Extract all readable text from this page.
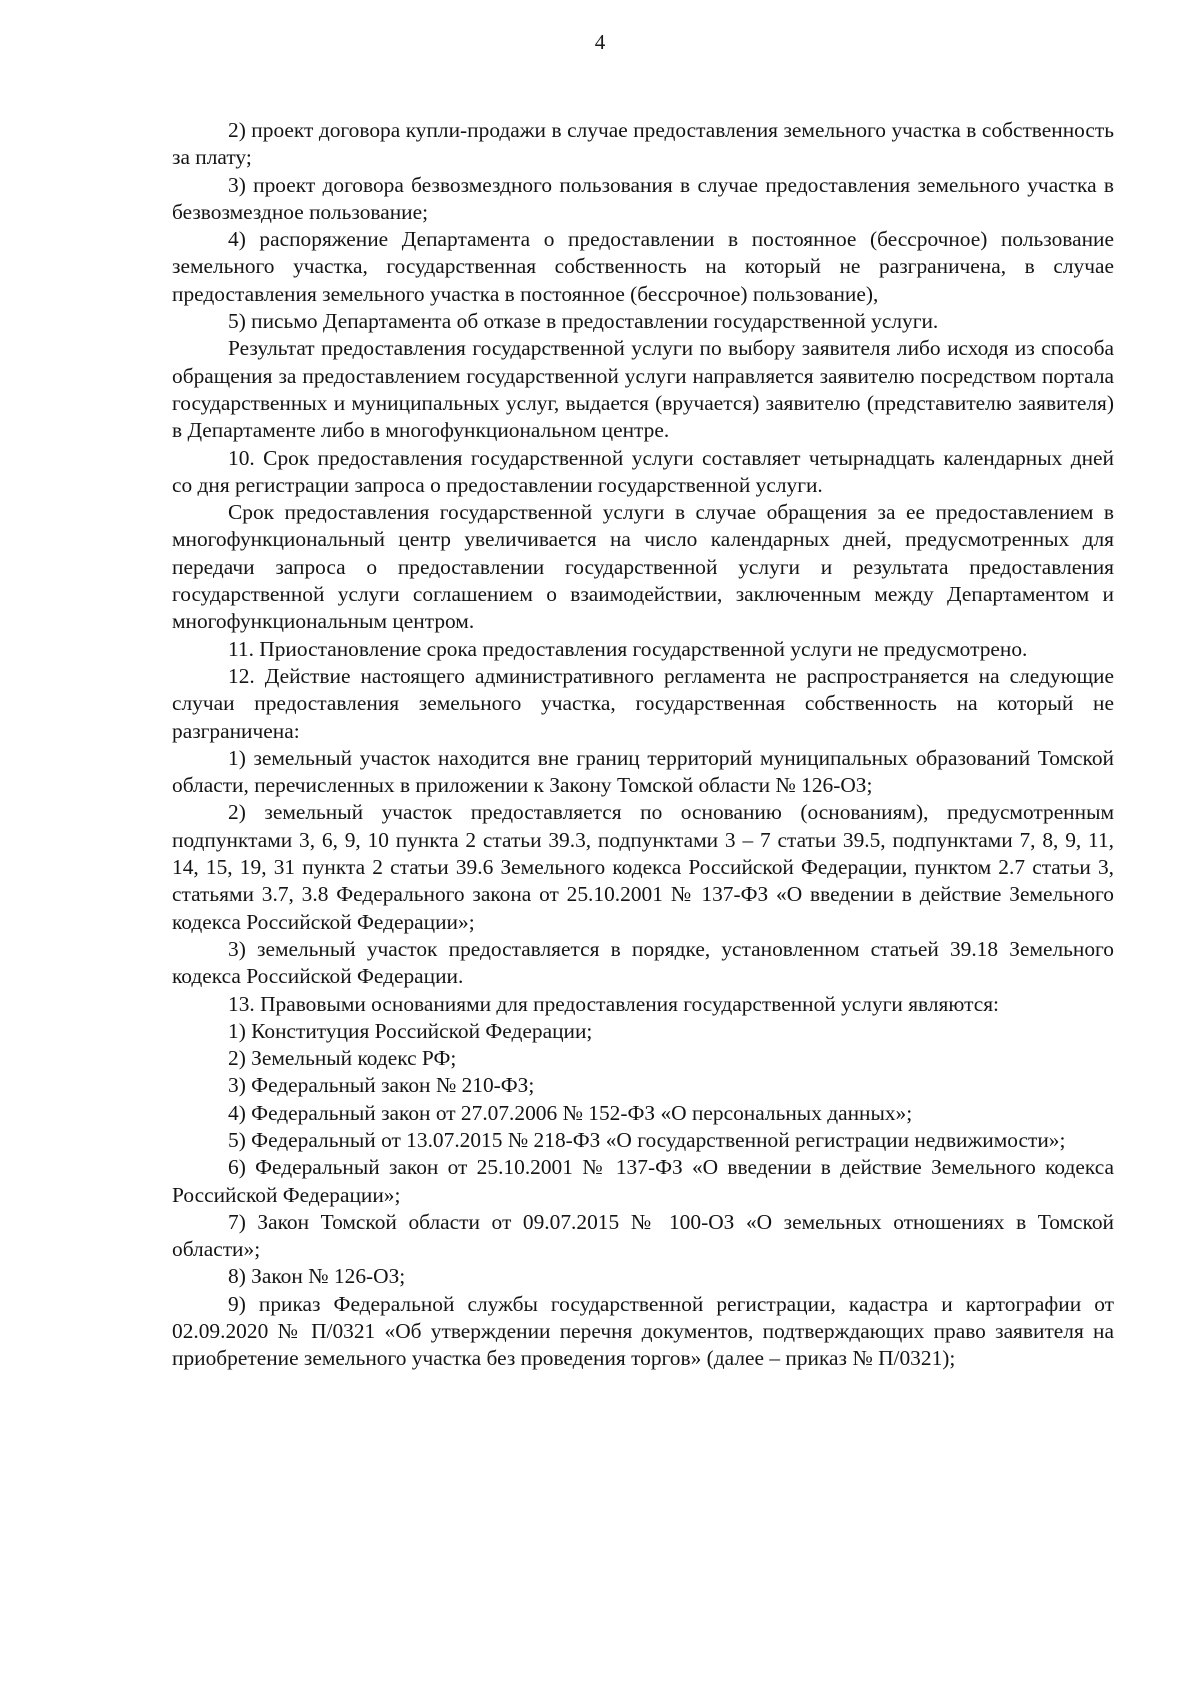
4

2) проект договора купли-продажи в случае предоставления земельного участка в собственность за плату;

3) проект договора безвозмездного пользования в случае предоставления земельного участка в безвозмездное пользование;

4) распоряжение Департамента о предоставлении в постоянное (бессрочное) пользование земельного участка, государственная собственность на который не разграничена, в случае предоставления земельного участка в постоянное (бессрочное) пользование),

5) письмо Департамента об отказе в предоставлении государственной услуги.

Результат предоставления государственной услуги по выбору заявителя либо исходя из способа обращения за предоставлением государственной услуги направляется заявителю посредством портала государственных и муниципальных услуг, выдается (вручается) заявителю (представителю заявителя) в Департаменте либо в многофункциональном центре.

10. Срок предоставления государственной услуги составляет четырнадцать календарных дней со дня регистрации запроса о предоставлении государственной услуги.

Срок предоставления государственной услуги в случае обращения за ее предоставлением в многофункциональный центр увеличивается на число календарных дней, предусмотренных для передачи запроса о предоставлении государственной услуги и результата предоставления государственной услуги соглашением о взаимодействии, заключенным между Департаментом и многофункциональным центром.

11. Приостановление срока предоставления государственной услуги не предусмотрено.

12. Действие настоящего административного регламента не распространяется на следующие случаи предоставления земельного участка, государственная собственность на который не разграничена:

1) земельный участок находится вне границ территорий муниципальных образований Томской области, перечисленных в приложении к Закону Томской области № 126-ОЗ;

2) земельный участок предоставляется по основанию (основаниям), предусмотренным подпунктами 3, 6, 9, 10 пункта 2 статьи 39.3, подпунктами 3 – 7 статьи 39.5, подпунктами 7, 8, 9, 11, 14, 15, 19, 31 пункта 2 статьи 39.6 Земельного кодекса Российской Федерации, пунктом 2.7 статьи 3, статьями 3.7, 3.8 Федерального закона от 25.10.2001 № 137-ФЗ «О введении в действие Земельного кодекса Российской Федерации»;

3) земельный участок предоставляется в порядке, установленном статьей 39.18 Земельного кодекса Российской Федерации.

13. Правовыми основаниями для предоставления государственной услуги являются:

1) Конституция Российской Федерации;

2) Земельный кодекс РФ;

3) Федеральный закон № 210-ФЗ;

4) Федеральный закон от 27.07.2006 № 152-ФЗ «О персональных данных»;

5) Федеральный от 13.07.2015 № 218-ФЗ «О государственной регистрации недвижимости»;

6) Федеральный закон от 25.10.2001 № 137-ФЗ «О введении в действие Земельного кодекса Российской Федерации»;

7) Закон Томской области от 09.07.2015 № 100-ОЗ «О земельных отношениях в Томской области»;

8) Закон № 126-ОЗ;

9) приказ Федеральной службы государственной регистрации, кадастра и картографии от 02.09.2020 № П/0321 «Об утверждении перечня документов, подтверждающих право заявителя на приобретение земельного участка без проведения торгов» (далее – приказ № П/0321);
